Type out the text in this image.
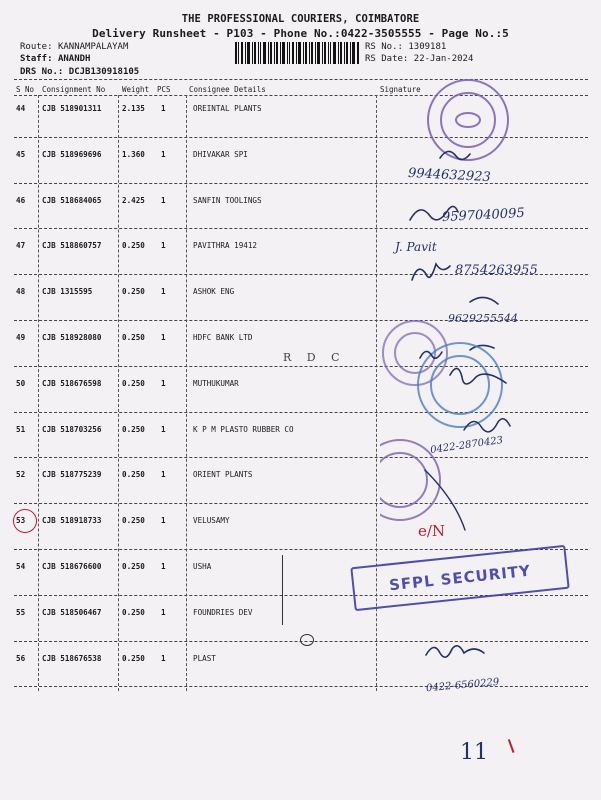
THE PROFESSIONAL COURIERS, COIMBATORE
Delivery Runsheet - P103 - Phone No.:0422-3505555 - Page No.:5
Route: KANNAMPALAYAM
Staff: ANANDH
DRS No.: DCJB130918105
RS No.: 1309181
RS Date: 22-Jan-2024
S No Consignment No Weight PCS Consignee Details	Signature
44 CJB 518901311	2.135 1	OREINTAL PLANTS
45 CJB 518969696	1.360 1	DHIVAKAR SPI
46 CJB 518684065	2.425 1	SANFIN TOOLINGS
47 CJB 518860757	0.250 1	PAVITHRA 19412
48 CJB 1315595	0.250 1	ASHOK ENG
49 CJB 518928080	0.250 1	HDFC BANK LTD
50 CJB 518676598	0.250 1	MUTHUKUMAR
51 CJB 518703256	0.250 1	K P M PLASTO RUBBER CO
52 CJB 518775239	0.250 1	ORIENT PLANTS
53 CJB 518918733	0.250 1	VELUSAMY
54 CJB 518676600	0.250 1	USHA
55 CJB 518506467	0.250 1	FOUNDRIES DEV
56 CJB 518676538	0.250 1	PLAST
9944632923
9597040095
J. Pavit
8754263955
9629255544
0422-2870423
e/N
0422-6560229
11
R D C
SFPL SECURITY
